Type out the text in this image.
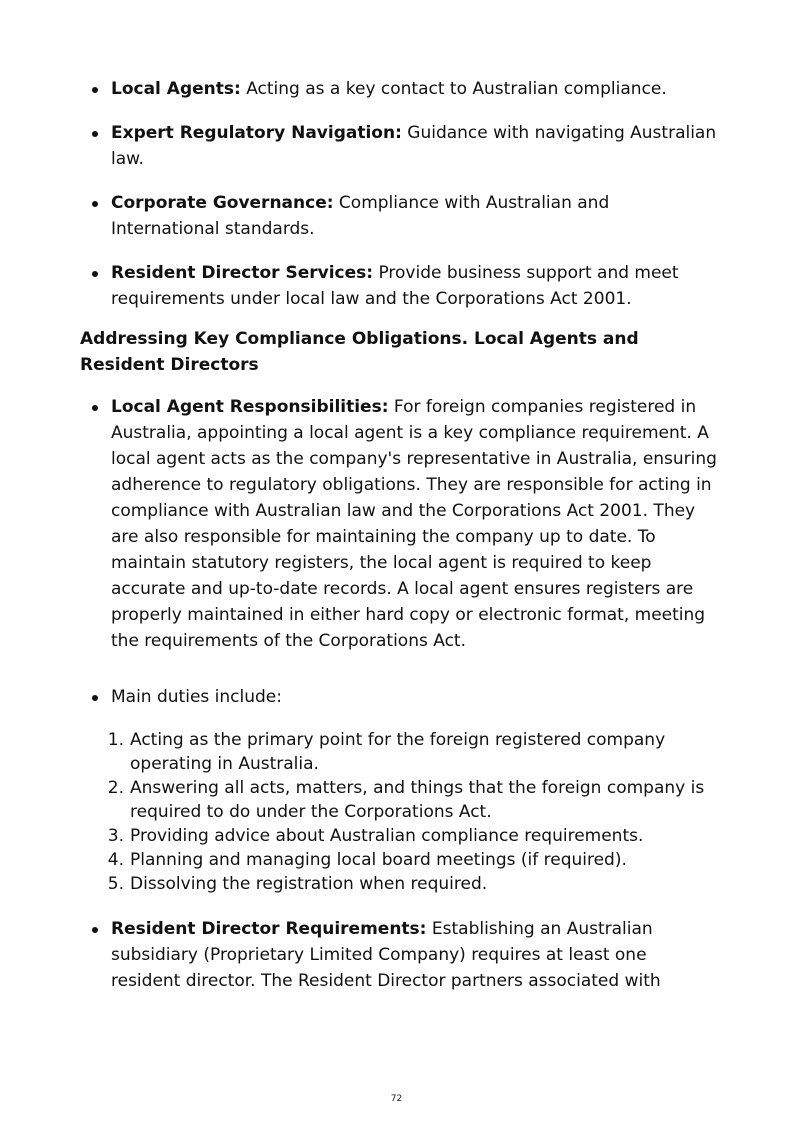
Local Agents: Acting as a key contact to Australian compliance.
Expert Regulatory Navigation: Guidance with navigating Australian law.
Corporate Governance: Compliance with Australian and International standards.
Resident Director Services: Provide business support and meet requirements under local law and the Corporations Act 2001.
Addressing Key Compliance Obligations. Local Agents and Resident Directors
Local Agent Responsibilities: For foreign companies registered in Australia, appointing a local agent is a key compliance requirement. A local agent acts as the company's representative in Australia, ensuring adherence to regulatory obligations. They are responsible for acting in compliance with Australian law and the Corporations Act 2001. They are also responsible for maintaining the company up to date. To maintain statutory registers, the local agent is required to keep accurate and up-to-date records. A local agent ensures registers are properly maintained in either hard copy or electronic format, meeting the requirements of the Corporations Act.
Main duties include:
1. Acting as the primary point for the foreign registered company operating in Australia.
2. Answering all acts, matters, and things that the foreign company is required to do under the Corporations Act.
3. Providing advice about Australian compliance requirements.
4. Planning and managing local board meetings (if required).
5. Dissolving the registration when required.
Resident Director Requirements: Establishing an Australian subsidiary (Proprietary Limited Company) requires at least one resident director. The Resident Director partners associated with
72
